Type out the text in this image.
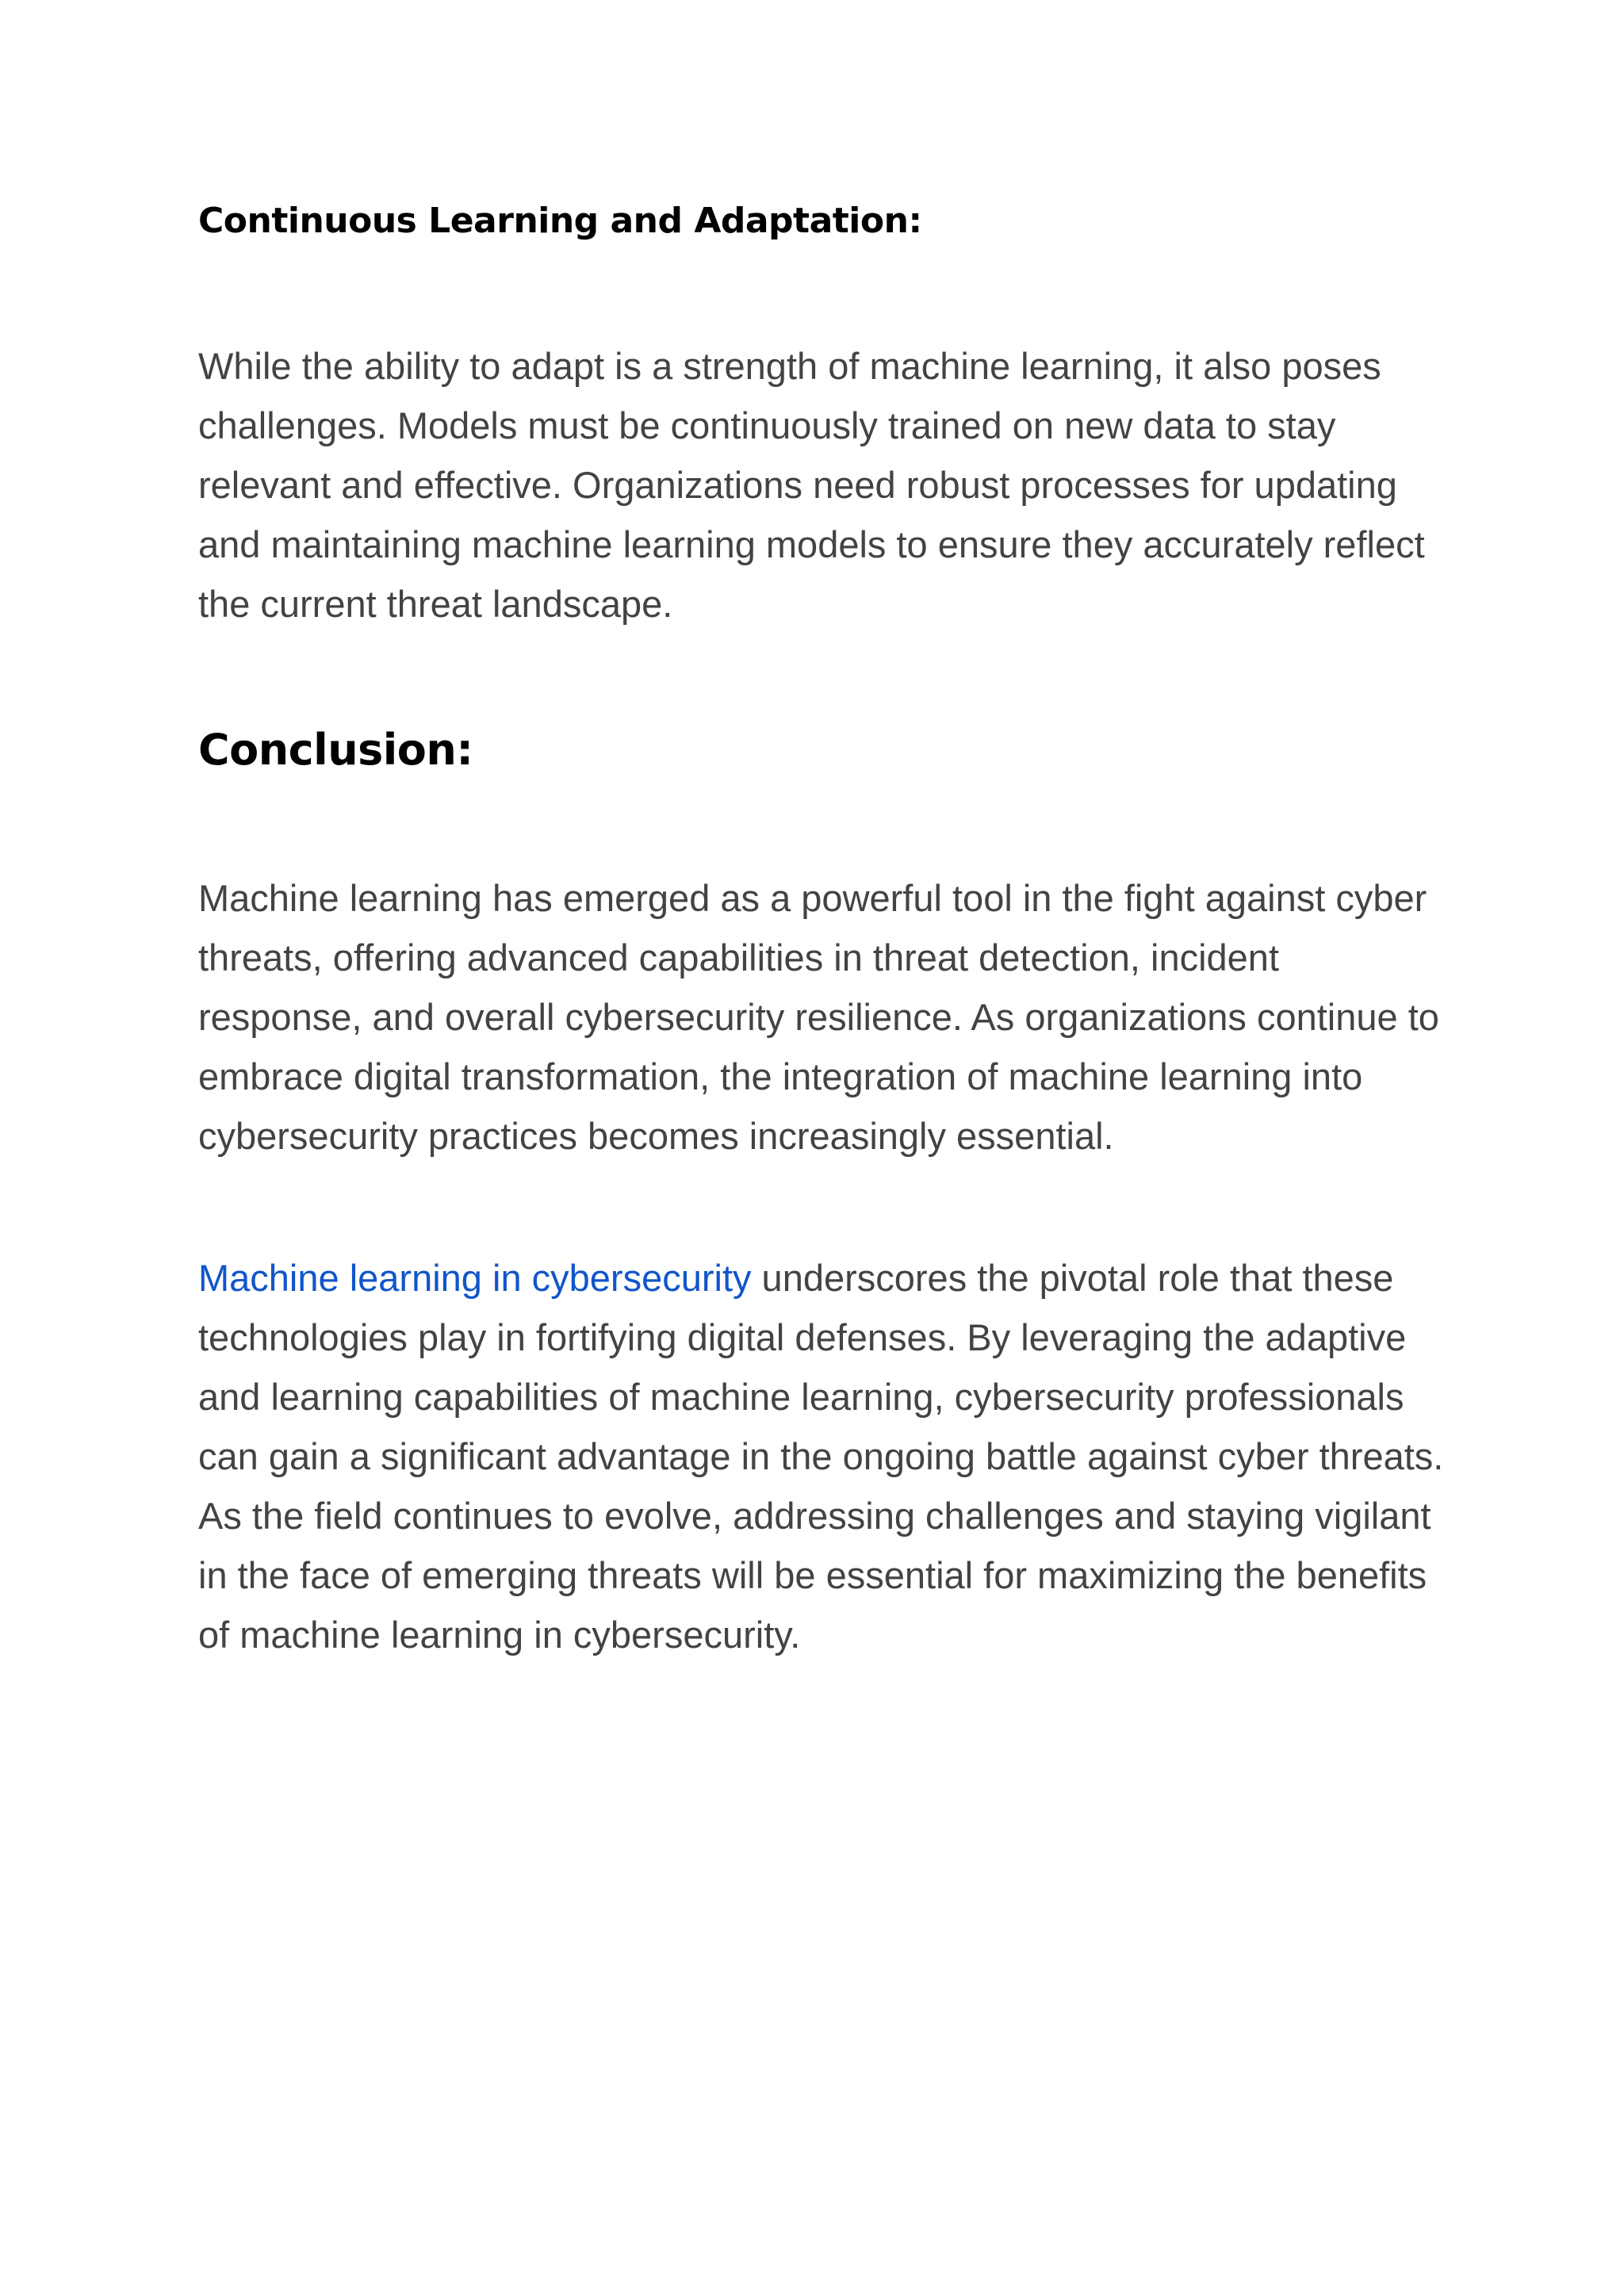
Continuous Learning and Adaptation:

While the ability to adapt is a strength of machine learning, it also poses
challenges. Models must be continuously trained on new data to stay
relevant and effective. Organizations need robust processes for updating
and maintaining machine learning models to ensure they accurately reflect
the current threat landscape.

Conclusion:

Machine learning has emerged as a powerful tool in the fight against cyber
threats, offering advanced capabilities in threat detection, incident
response, and overall cybersecurity resilience. As organizations continue to
embrace digital transformation, the integration of machine learning into
cybersecurity practices becomes increasingly essential.

Machine learning in cybersecurity underscores the pivotal role that these
technologies play in fortifying digital defenses. By leveraging the adaptive
and learning capabilities of machine learning, cybersecurity professionals
can gain a significant advantage in the ongoing battle against cyber threats.
As the field continues to evolve, addressing challenges and staying vigilant
in the face of emerging threats will be essential for maximizing the benefits
of machine learning in cybersecurity.
